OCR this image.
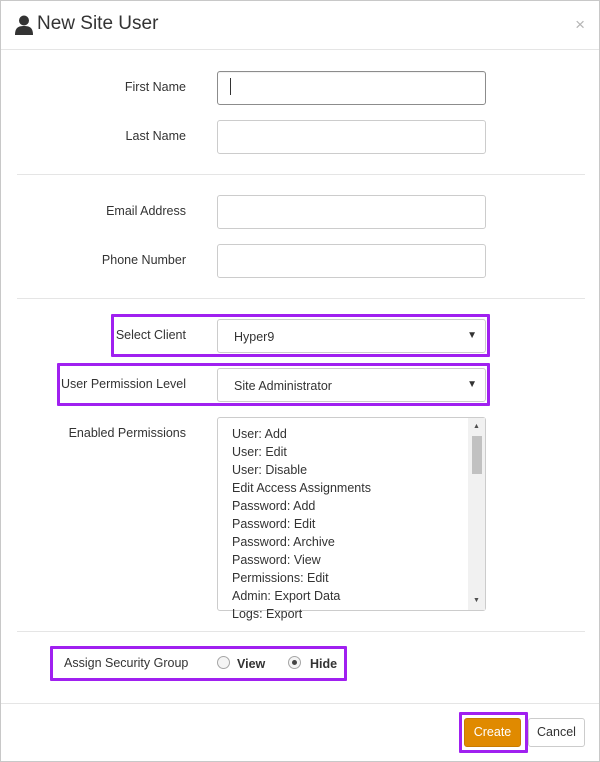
New Site User	×
First Name
Last Name
Email Address
Phone Number
Select Client	Hyper9	▼
User Permission Level	Site Administrator	▼
Enabled Permissions	User: Add
User: Edit
User: Disable
Edit Access Assignments
Password: Add
Password: Edit
Password: Archive
Password: View
Permissions: Edit
Admin: Export Data
Logs: Export
▲
▼
Assign Security Group	View	Hide
Create	Cancel
